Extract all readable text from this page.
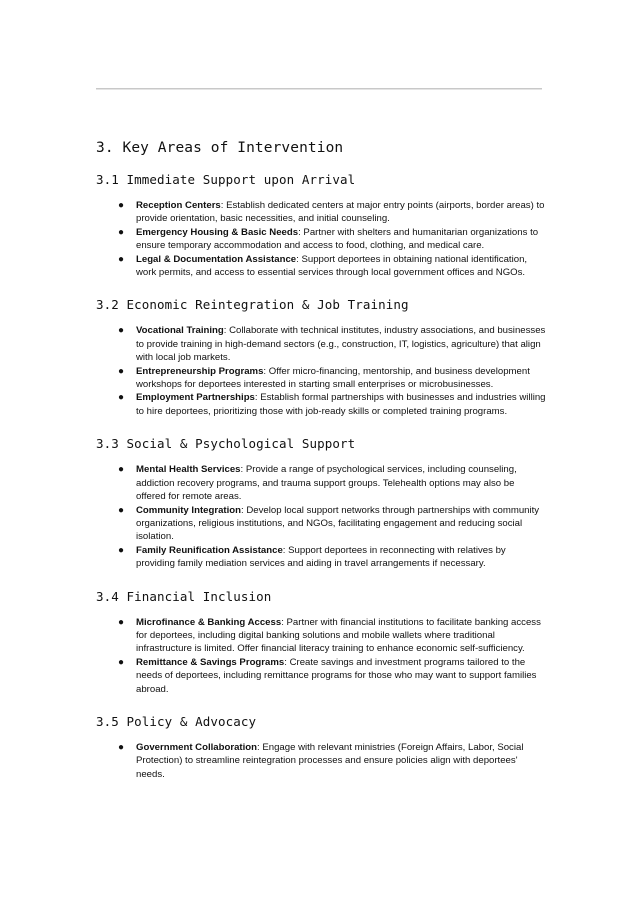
3. Key Areas of Intervention
3.1 Immediate Support upon Arrival
● Reception Centers: Establish dedicated centers at major entry points (airports, border areas) to provide orientation, basic necessities, and initial counseling.
● Emergency Housing & Basic Needs: Partner with shelters and humanitarian organizations to ensure temporary accommodation and access to food, clothing, and medical care.
● Legal & Documentation Assistance: Support deportees in obtaining national identification, work permits, and access to essential services through local government offices and NGOs.
3.2 Economic Reintegration & Job Training
● Vocational Training: Collaborate with technical institutes, industry associations, and businesses to provide training in high-demand sectors (e.g., construction, IT, logistics, agriculture) that align with local job markets.
● Entrepreneurship Programs: Offer micro-financing, mentorship, and business development workshops for deportees interested in starting small enterprises or microbusinesses.
● Employment Partnerships: Establish formal partnerships with businesses and industries willing to hire deportees, prioritizing those with job-ready skills or completed training programs.
3.3 Social & Psychological Support
● Mental Health Services: Provide a range of psychological services, including counseling, addiction recovery programs, and trauma support groups. Telehealth options may also be offered for remote areas.
● Community Integration: Develop local support networks through partnerships with community organizations, religious institutions, and NGOs, facilitating engagement and reducing social isolation.
● Family Reunification Assistance: Support deportees in reconnecting with relatives by providing family mediation services and aiding in travel arrangements if necessary.
3.4 Financial Inclusion
● Microfinance & Banking Access: Partner with financial institutions to facilitate banking access for deportees, including digital banking solutions and mobile wallets where traditional infrastructure is limited. Offer financial literacy training to enhance economic self-sufficiency.
● Remittance & Savings Programs: Create savings and investment programs tailored to the needs of deportees, including remittance programs for those who may want to support families abroad.
3.5 Policy & Advocacy
● Government Collaboration: Engage with relevant ministries (Foreign Affairs, Labor, Social Protection) to streamline reintegration processes and ensure policies align with deportees' needs.
